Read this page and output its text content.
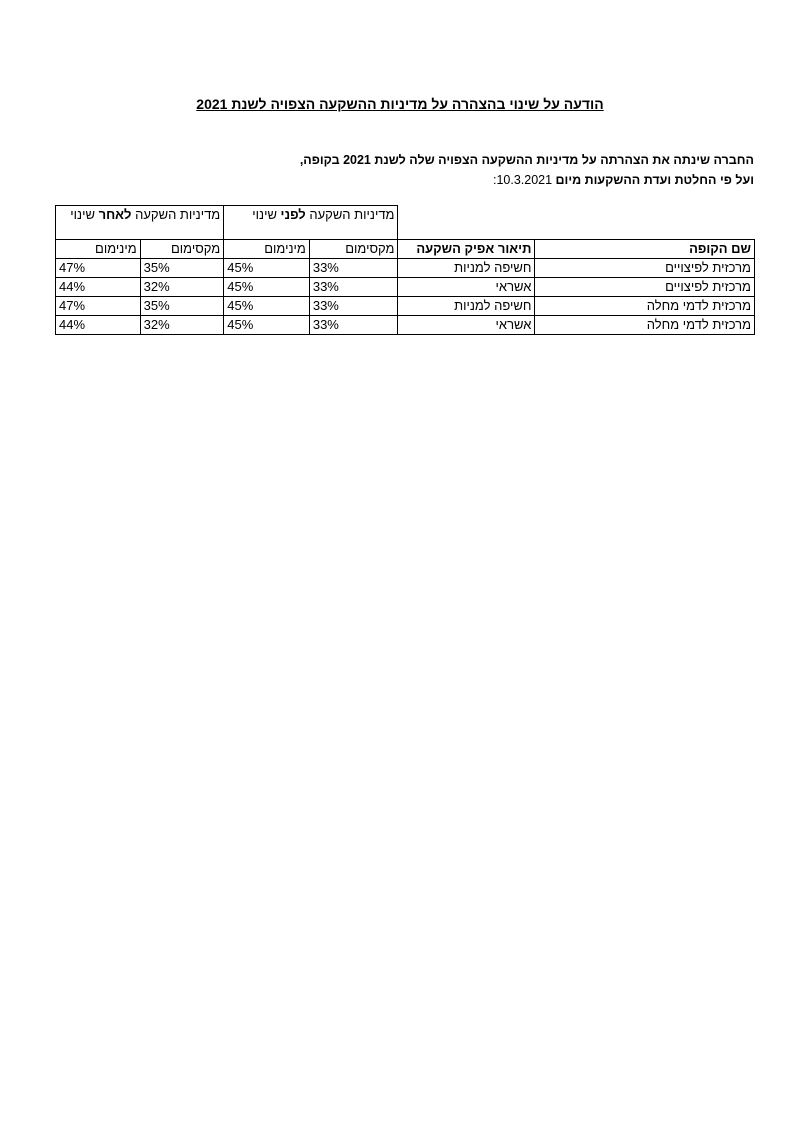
הודעה על שינוי בהצהרה על מדיניות ההשקעה הצפויה לשנת 2021
החברה שינתה את הצהרתה על מדיניות ההשקעה הצפויה שלה לשנת 2021 בקופה,
ועל פי החלטת ועדת ההשקעות מיום 10.3.2021:
		מדיניות השקעה לפני שינוי		מדיניות השקעה לאחר שינוי	
שם הקופה	תיאור אפיק השקעה	מקסימום	מינימום	מקסימום	מינימום
מרכזית לפיצויים	חשיפה למניות	33%	45%	35%	47%
מרכזית לפיצויים	אשראי	33%	45%	32%	44%
מרכזית לדמי מחלה	חשיפה למניות	33%	45%	35%	47%
מרכזית לדמי מחלה	אשראי	33%	45%	32%	44%
